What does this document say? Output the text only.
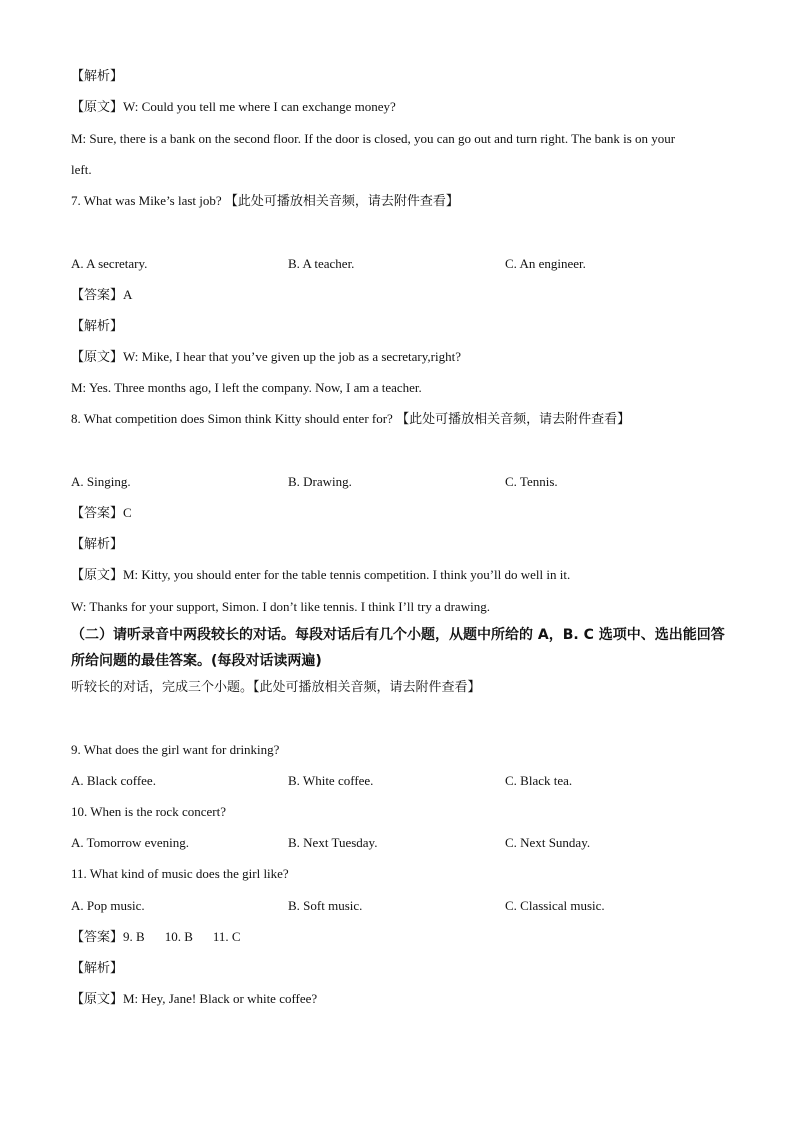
【解析】
【原文】W: Could you tell me where I can exchange money?
M: Sure, there is a bank on the second floor. If the door is closed, you can go out and turn right. The bank is on your
left.
7. What was Mike’s last job? 【此处可播放相关音频，请去附件查看】
A. A secretary.	B. A teacher.	C. An engineer.
【答案】A
【解析】
【原文】W: Mike, I hear that you’ve given up the job as a secretary,right?
M: Yes. Three months ago, I left the company. Now, I am a teacher.
8. What competition does Simon think Kitty should enter for? 【此处可播放相关音频，请去附件查看】
A. Singing.	B. Drawing.	C. Tennis.
【答案】C
【解析】
【原文】M: Kitty, you should enter for the table tennis competition. I think you’ll do well in it.
W: Thanks for your support, Simon. I don’t like tennis. I think I’ll try a drawing.
（二）请听录音中两段较长的对话。每段对话后有几个小题，从题中所给的 A，B. C 选项中、选出能回答所给问题的最佳答案。(每段对话读两遍)
听较长的对话，完成三个小题。【此处可播放相关音频，请去附件查看】
9. What does the girl want for drinking?
A. Black coffee.	B. White coffee.	C. Black tea.
10. When is the rock concert?
A. Tomorrow evening.	B. Next Tuesday.	C. Next Sunday.
11. What kind of music does the girl like?
A. Pop music.	B. Soft music.	C. Classical music.
【答案】9. B 10. B 11. C
【解析】
【原文】M: Hey, Jane! Black or white coffee?
